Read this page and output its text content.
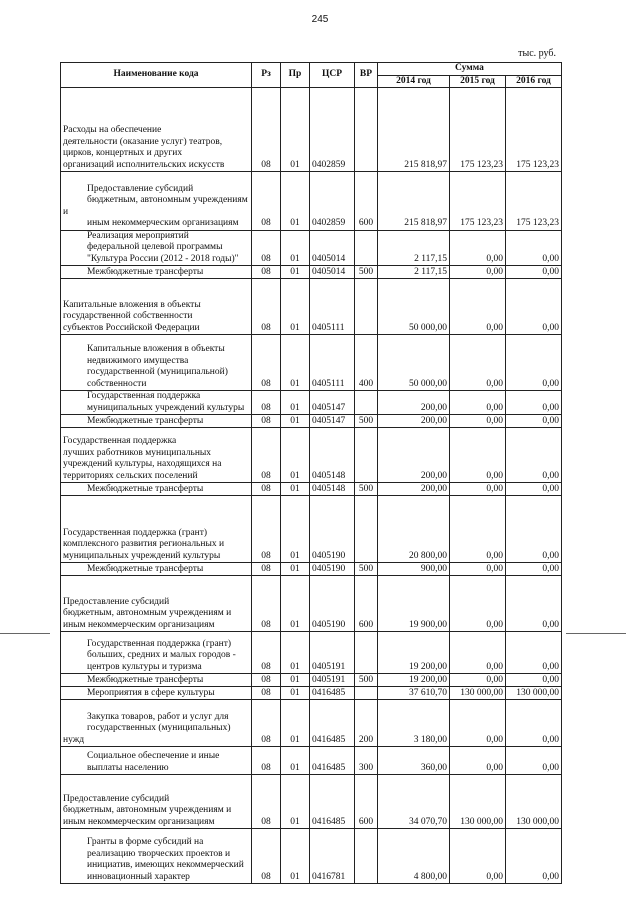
245
тыс. руб.
Наименование кода	Рз	Пр	ЦСР	ВР	Сумма		
					2014 год	2015 год	2016 год

Расходы на обеспечение
деятельности (оказание услуг) театров,
цирков, концертных и других
организаций исполнительских искусств	08	01	0402859		215 818,97	175 123,23	175 123,23

Предоставление субсидий
бюджетным, автономным учреждениям и
иным некоммерческим организациям	08	01	0402859	600	215 818,97	175 123,23	175 123,23

Реализация мероприятий
федеральной целевой программы
"Культура России (2012 - 2018 годы)"	08	01	0405014		2 117,15	0,00	0,00

Межбюджетные трансферты	08	01	0405014	500	2 117,15	0,00	0,00

Капитальные вложения в объекты
государственной собственности
субъектов Российской Федерации	08	01	0405111		50 000,00	0,00	0,00

Капитальные вложения в объекты
недвижимого имущества
государственной (муниципальной)
собственности	08	01	0405111	400	50 000,00	0,00	0,00

Государственная поддержка
муниципальных учреждений культуры	08	01	0405147		200,00	0,00	0,00

Межбюджетные трансферты	08	01	0405147	500	200,00	0,00	0,00

Государственная поддержка
лучших работников муниципальных
учреждений культуры, находящихся на
территориях сельских поселений	08	01	0405148		200,00	0,00	0,00

Межбюджетные трансферты	08	01	0405148	500	200,00	0,00	0,00

Государственная поддержка (грант)
комплексного развития региональных и
муниципальных учреждений культуры	08	01	0405190		20 800,00	0,00	0,00

Межбюджетные трансферты	08	01	0405190	500	900,00	0,00	0,00

Предоставление субсидий
бюджетным, автономным учреждениям и
иным некоммерческим организациям	08	01	0405190	600	19 900,00	0,00	0,00

Государственная поддержка (грант)
больших, средних и малых городов -
центров культуры и туризма	08	01	0405191		19 200,00	0,00	0,00

Межбюджетные трансферты	08	01	0405191	500	19 200,00	0,00	0,00

Мероприятия в сфере культуры	08	01	0416485		37 610,70	130 000,00	130 000,00

Закупка товаров, работ и услуг для
государственных (муниципальных) нужд	08	01	0416485	200	3 180,00	0,00	0,00

Социальное обеспечение и иные
выплаты населению	08	01	0416485	300	360,00	0,00	0,00

Предоставление субсидий
бюджетным, автономным учреждениям и
иным некоммерческим организациям	08	01	0416485	600	34 070,70	130 000,00	130 000,00

Гранты в форме субсидий на
реализацию творческих проектов и
инициатив, имеющих некоммерческий
инновационный характер	08	01	0416781		4 800,00	0,00	0,00
